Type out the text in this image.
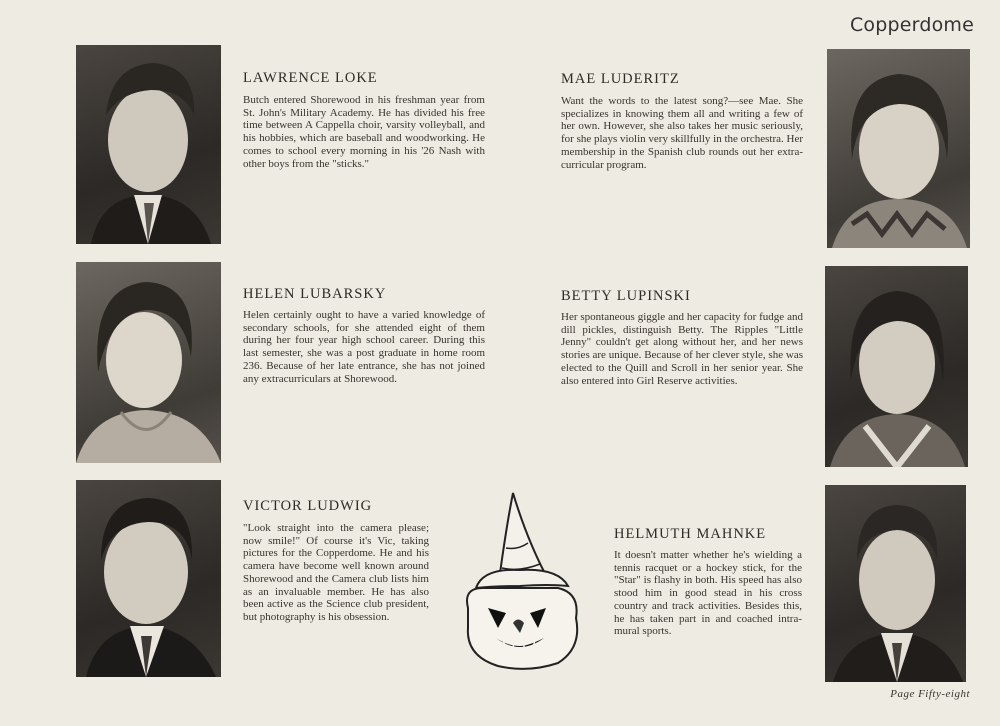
Copperdome
LAWRENCE LOKE
Butch entered Shorewood in his freshman year from St. John's Military Academy. He has divided his free time between A Cappella choir, varsity volleyball, and his hobbies, which are baseball and woodworking. He comes to school every morning in his '26 Nash with other boys from the "sticks."
MAE LUDERITZ
Want the words to the latest song?—see Mae. She specializes in knowing them all and writing a few of her own. However, she also takes her music seriously, for she plays violin very skillfully in the orchestra. Her membership in the Spanish club rounds out her extra-curricular program.
HELEN LUBARSKY
Helen certainly ought to have a varied knowledge of secondary schools, for she attended eight of them during her four year high school career. During this last semester, she was a post graduate in home room 236. Because of her late entrance, she has not joined any extracurriculars at Shorewood.
BETTY LUPINSKI
Her spontaneous giggle and her capacity for fudge and dill pickles, distinguish Betty. The Ripples "Little Jenny" couldn't get along without her, and her news stories are unique. Because of her clever style, she was elected to the Quill and Scroll in her senior year. She also entered into Girl Reserve activities.
VICTOR LUDWIG
"Look straight into the camera please; now smile!" Of course it's Vic, taking pictures for the Copperdome. He and his camera have become well known around Shorewood and the Camera club lists him as an invaluable member. He has also been active as the Science club president, but photography is his obsession.
HELMUTH MAHNKE
It doesn't matter whether he's wielding a tennis racquet or a hockey stick, for the "Star" is flashy in both. His speed has also stood him in good stead in his cross country and track activities. Besides this, he has taken part in and coached intra-mural sports.
Page Fifty-eight
